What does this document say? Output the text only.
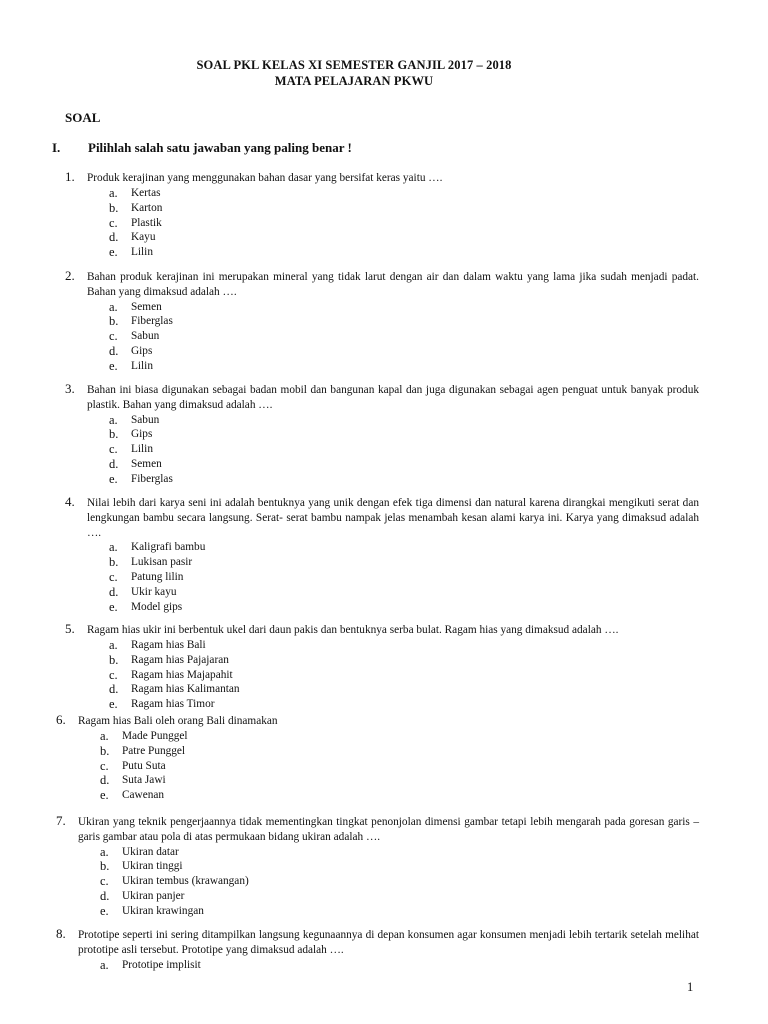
SOAL PKL KELAS XI SEMESTER GANJIL 2017 – 2018
MATA PELAJARAN PKWU
SOAL
I. Pilihlah salah satu jawaban yang paling benar !
1. Produk kerajinan yang menggunakan bahan dasar yang bersifat keras yaitu ….
a. Kertas
b. Karton
c. Plastik
d. Kayu
e. Lilin
2. Bahan produk kerajinan ini merupakan mineral yang tidak larut dengan air dan dalam waktu yang lama jika sudah menjadi padat. Bahan yang dimaksud adalah ….
a. Semen
b. Fiberglas
c. Sabun
d. Gips
e. Lilin
3. Bahan ini biasa digunakan sebagai badan mobil dan bangunan kapal dan juga digunakan sebagai agen penguat untuk banyak produk plastik. Bahan yang dimaksud adalah ….
a. Sabun
b. Gips
c. Lilin
d. Semen
e. Fiberglas
4. Nilai lebih dari karya seni ini adalah bentuknya yang unik dengan efek tiga dimensi dan natural karena dirangkai mengikuti serat dan lengkungan bambu secara langsung. Serat- serat bambu nampak jelas menambah kesan alami karya ini. Karya yang dimaksud adalah ….
a. Kaligrafi bambu
b. Lukisan pasir
c. Patung lilin
d. Ukir kayu
e. Model gips
5. Ragam hias ukir ini berbentuk ukel dari daun pakis dan bentuknya serba bulat. Ragam hias yang dimaksud adalah ….
a. Ragam hias Bali
b. Ragam hias Pajajaran
c. Ragam hias Majapahit
d. Ragam hias Kalimantan
e. Ragam hias Timor
6. Ragam hias Bali oleh orang Bali dinamakan
a. Made Punggel
b. Patre Punggel
c. Putu Suta
d. Suta Jawi
e. Cawenan
7. Ukiran yang teknik pengerjaannya tidak mementingkan tingkat penonjolan dimensi gambar tetapi lebih mengarah pada goresan garis – garis gambar atau pola di atas permukaan bidang ukiran adalah ….
a. Ukiran datar
b. Ukiran tinggi
c. Ukiran tembus (krawangan)
d. Ukiran panjer
e. Ukiran krawingan
8. Prototipe seperti ini sering ditampilkan langsung kegunaannya di depan konsumen agar konsumen menjadi lebih tertarik setelah melihat prototipe asli tersebut. Prototipe yang dimaksud adalah ….
a. Prototipe implisit
1
